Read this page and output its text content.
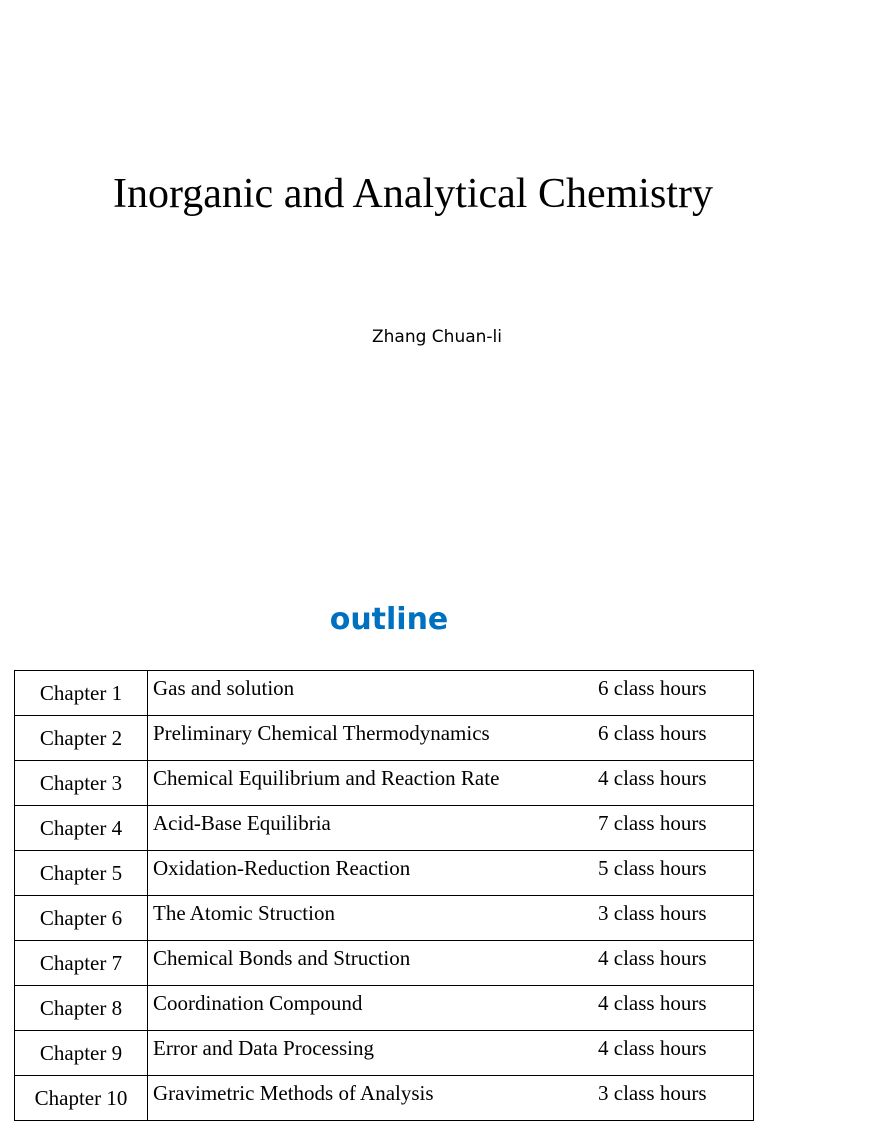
Inorganic and Analytical Chemistry
Zhang Chuan-li
outline
Chapter 1	Gas and solution 6 class hours

Chapter 2	Preliminary Chemical Thermodynamics 6 class hours

Chapter 3	Chemical Equilibrium and Reaction Rate 4 class hours

Chapter 4	Acid-Base Equilibria 7 class hours

Chapter 5	Oxidation-Reduction Reaction 5 class hours

Chapter 6	The Atomic Struction 3 class hours

Chapter 7	Chemical Bonds and Struction 4 class hours

Chapter 8	Coordination Compound 4 class hours

Chapter 9	Error and Data Processing 4 class hours

Chapter 10	Gravimetric Methods of Analysis 3 class hours
